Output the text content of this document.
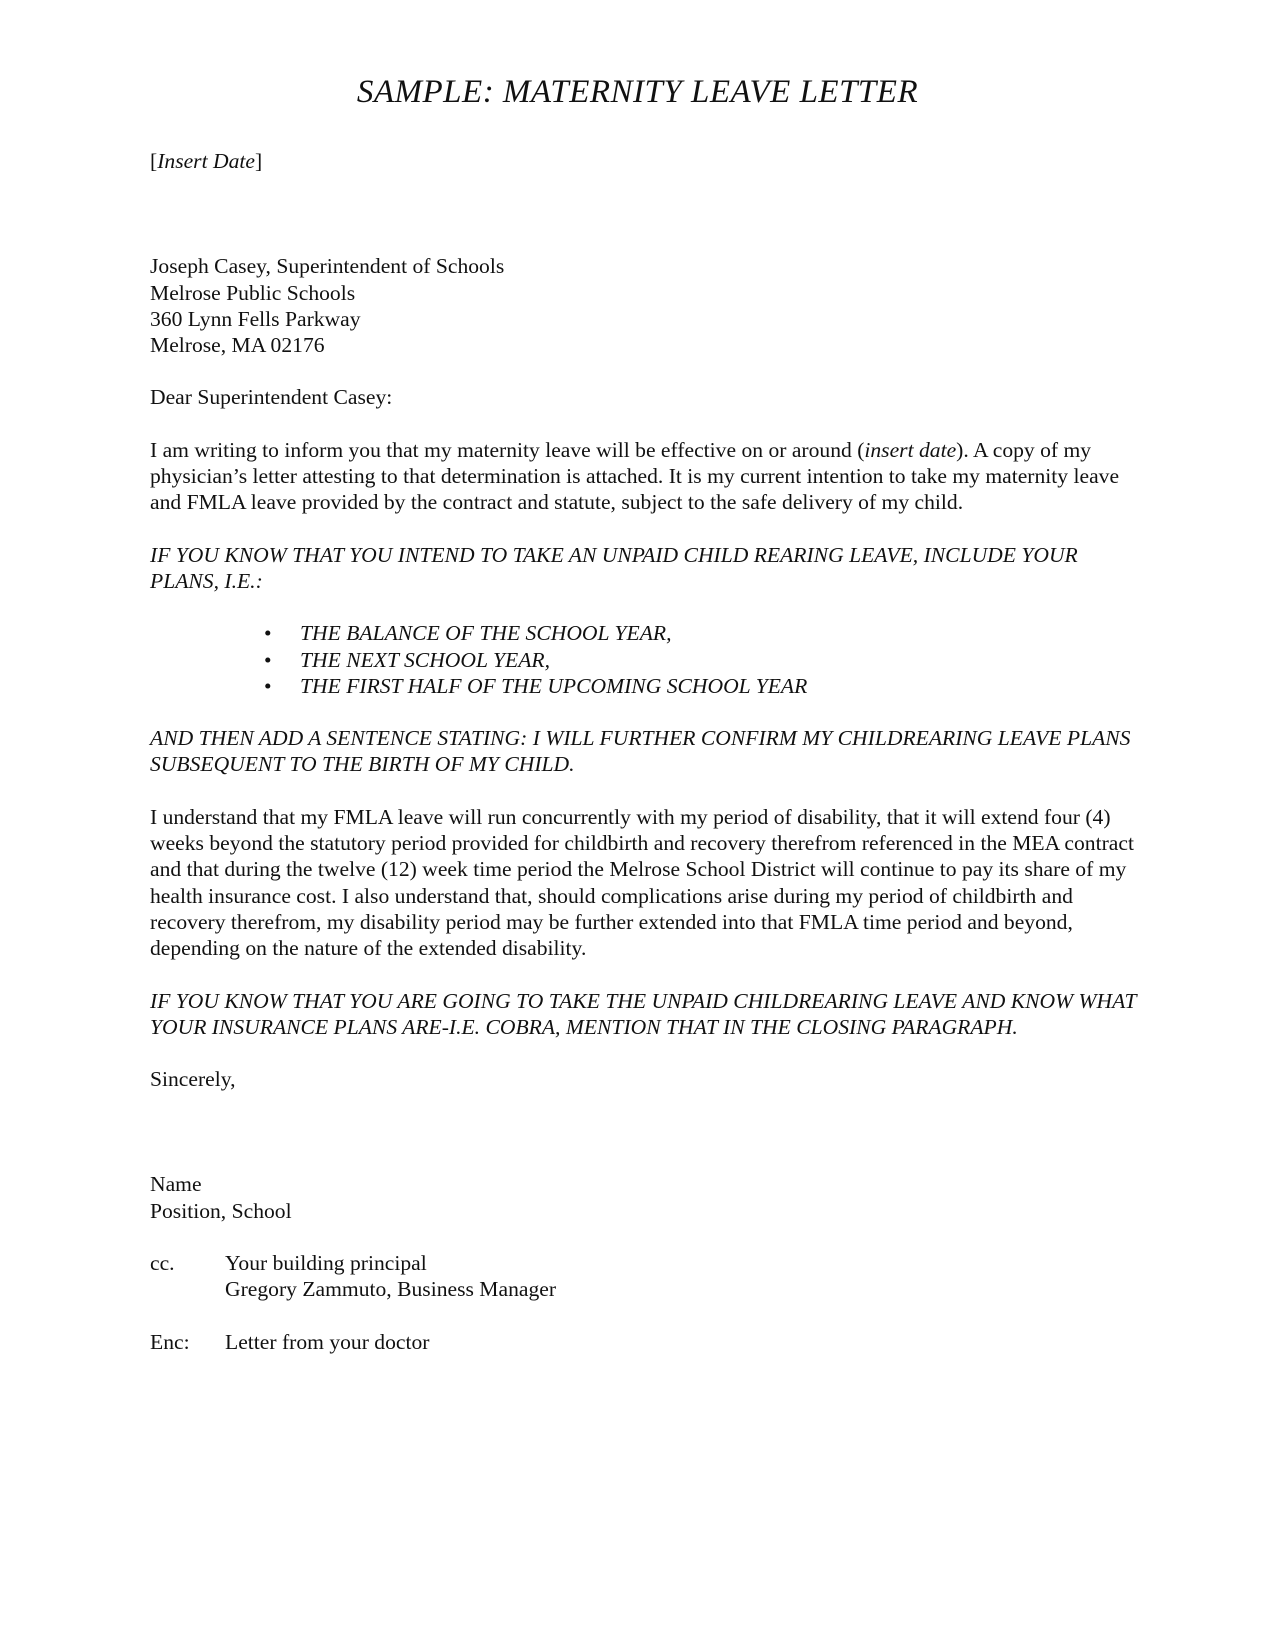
SAMPLE: MATERNITY LEAVE LETTER

[Insert Date]

Joseph Casey, Superintendent of Schools

Melrose Public Schools

360 Lynn Fells Parkway

Melrose, MA 02176

Dear Superintendent Casey:

I am writing to inform you that my maternity leave will be effective on or around (insert date). A copy of my physician’s letter attesting to that determination is attached. It is my current intention to take my maternity leave and FMLA leave provided by the contract and statute, subject to the safe delivery of my child.

IF YOU KNOW THAT YOU INTEND TO TAKE AN UNPAID CHILD REARING LEAVE, INCLUDE YOUR PLANS, I.E.:

• THE BALANCE OF THE SCHOOL YEAR,
• THE NEXT SCHOOL YEAR,
• THE FIRST HALF OF THE UPCOMING SCHOOL YEAR

AND THEN ADD A SENTENCE STATING: I WILL FURTHER CONFIRM MY CHILDREARING LEAVE PLANS SUBSEQUENT TO THE BIRTH OF MY CHILD.

I understand that my FMLA leave will run concurrently with my period of disability, that it will extend four (4) weeks beyond the statutory period provided for childbirth and recovery therefrom referenced in the MEA contract and that during the twelve (12) week time period the Melrose School District will continue to pay its share of my health insurance cost. I also understand that, should complications arise during my period of childbirth and recovery therefrom, my disability period may be further extended into that FMLA time period and beyond, depending on the nature of the extended disability.

IF YOU KNOW THAT YOU ARE GOING TO TAKE THE UNPAID CHILDREARING LEAVE AND KNOW WHAT YOUR INSURANCE PLANS ARE-I.E. COBRA, MENTION THAT IN THE CLOSING PARAGRAPH.

Sincerely,

Name

Position, School

cc.	Your building principal
Gregory Zammuto, Business Manager
Enc:	Letter from your doctor
